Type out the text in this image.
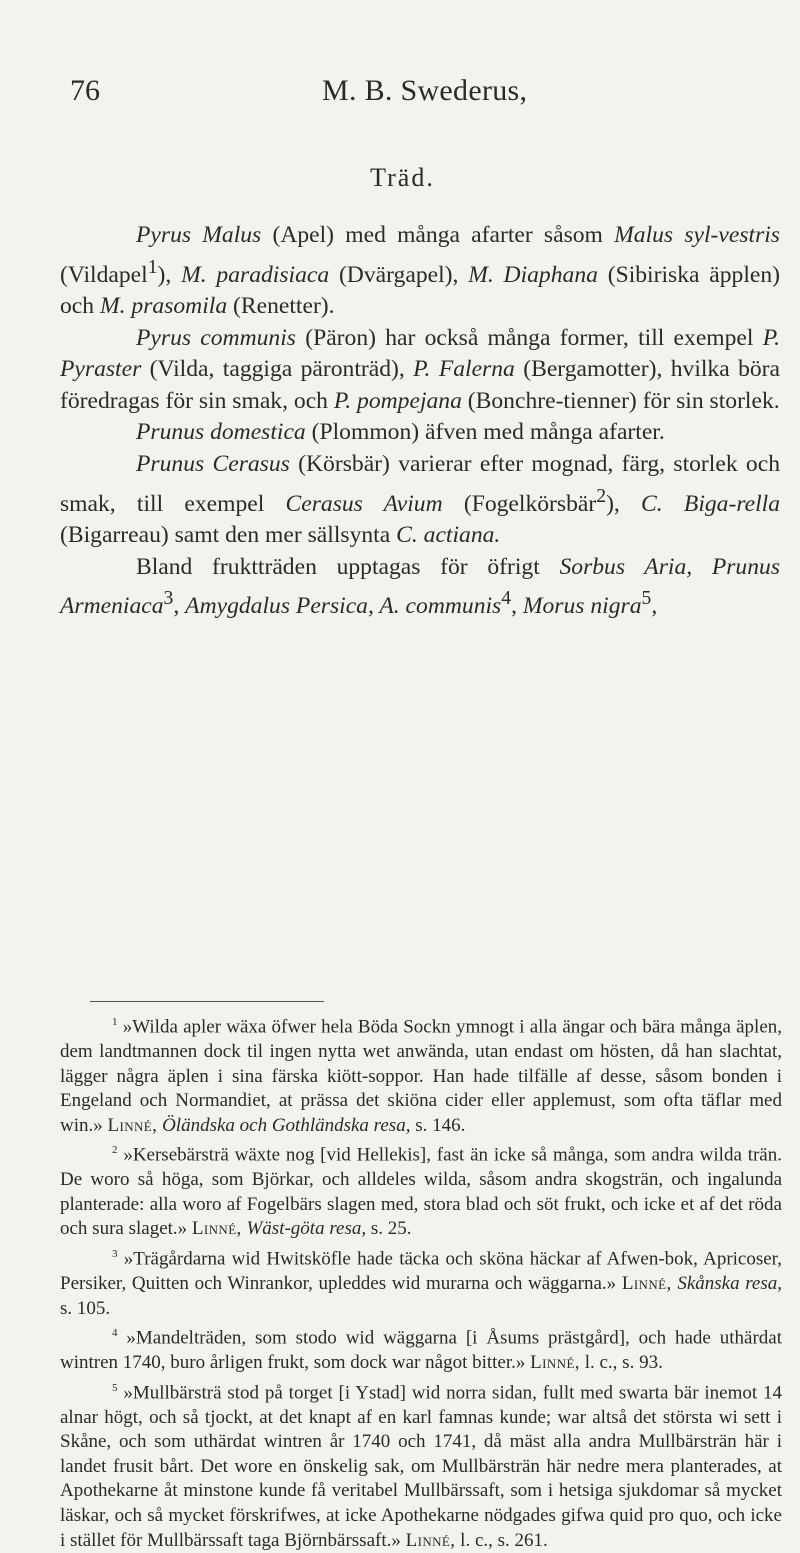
76	M. B. Swederus,
Träd.

Pyrus Malus (Apel) med många afarter såsom Malus syl-vestris (Vildapel$^1$), M. paradisiaca (Dvärgapel), M. Diaphana (Sibiriska äpplen) och M. prasomila (Renetter).

Pyrus communis (Päron) har också många former, till exempel P. Pyraster (Vilda, taggiga päronträd), P. Falerna (Bergamotter), hvilka böra föredragas för sin smak, och P. pompejana (Bonchre-tienner) för sin storlek.

Prunus domestica (Plommon) äfven med många afarter.

Prunus Cerasus (Körsbär) varierar efter mognad, färg, storlek och smak, till exempel Cerasus Avium (Fogelkörsbär$^2$), C. Biga-rella (Bigarreau) samt den mer sällsynta C. actiana.

Bland fruktträden upptagas för öfrigt Sorbus Aria, Prunus Armeniaca$^3$, Amygdalus Persica, A. communis$^4$, Morus nigra$^5$,

$^1$ »Wilda apler wäxa öfwer hela Böda Sockn ymnogt i alla ängar och bära många äplen, dem landtmannen dock til ingen nytta wet anwända, utan endast om hösten, då han slachtat, lägger några äplen i sina färska kiött-soppor. Han hade tilfälle af desse, såsom bonden i Engeland och Normandiet, at prässa det skiöna cider eller applemust, som ofta täflar med win.» Linné, Öländska och Gothländska resa, s. 146.

$^2$ »Kersebärsträ wäxte nog [vid Hellekis], fast än icke så många, som andra wilda trän. De woro så höga, som Björkar, och alldeles wilda, såsom andra skogsträn, och ingalunda planterade: alla woro af Fogelbärs slagen med, stora blad och söt frukt, och icke et af det röda och sura slaget.» Linné, Wäst-göta resa, s. 25.

$^3$ »Trägårdarna wid Hwitsköfle hade täcka och sköna häckar af Afwen-bok, Apricoser, Persiker, Quitten och Winrankor, upleddes wid murarna och wäggarna.» Linné, Skånska resa, s. 105.

$^4$ »Mandelträden, som stodo wid wäggarna [i Åsums prästgård], och hade uthärdat wintren 1740, buro årligen frukt, som dock war något bitter.» Linné, l. c., s. 93.

$^5$ »Mullbärsträ stod på torget [i Ystad] wid norra sidan, fullt med swarta bär inemot 14 alnar högt, och så tjockt, at det knapt af en karl famnas kunde; war altså det största wi sett i Skåne, och som uthärdat wintren år 1740 och 1741, då mäst alla andra Mullbärsträn här i landet frusit bårt. Det wore en önskelig sak, om Mullbärsträn här nedre mera planterades, at Apothekarne åt minstone kunde få veritabel Mullbärssaft, som i hetsiga sjukdomar så mycket läskar, och så mycket förskrifwes, at icke Apothekarne nödgades gifwa quid pro quo, och icke i stället för Mullbärssaft taga Björnbärssaft.» Linné, l. c., s. 261.
